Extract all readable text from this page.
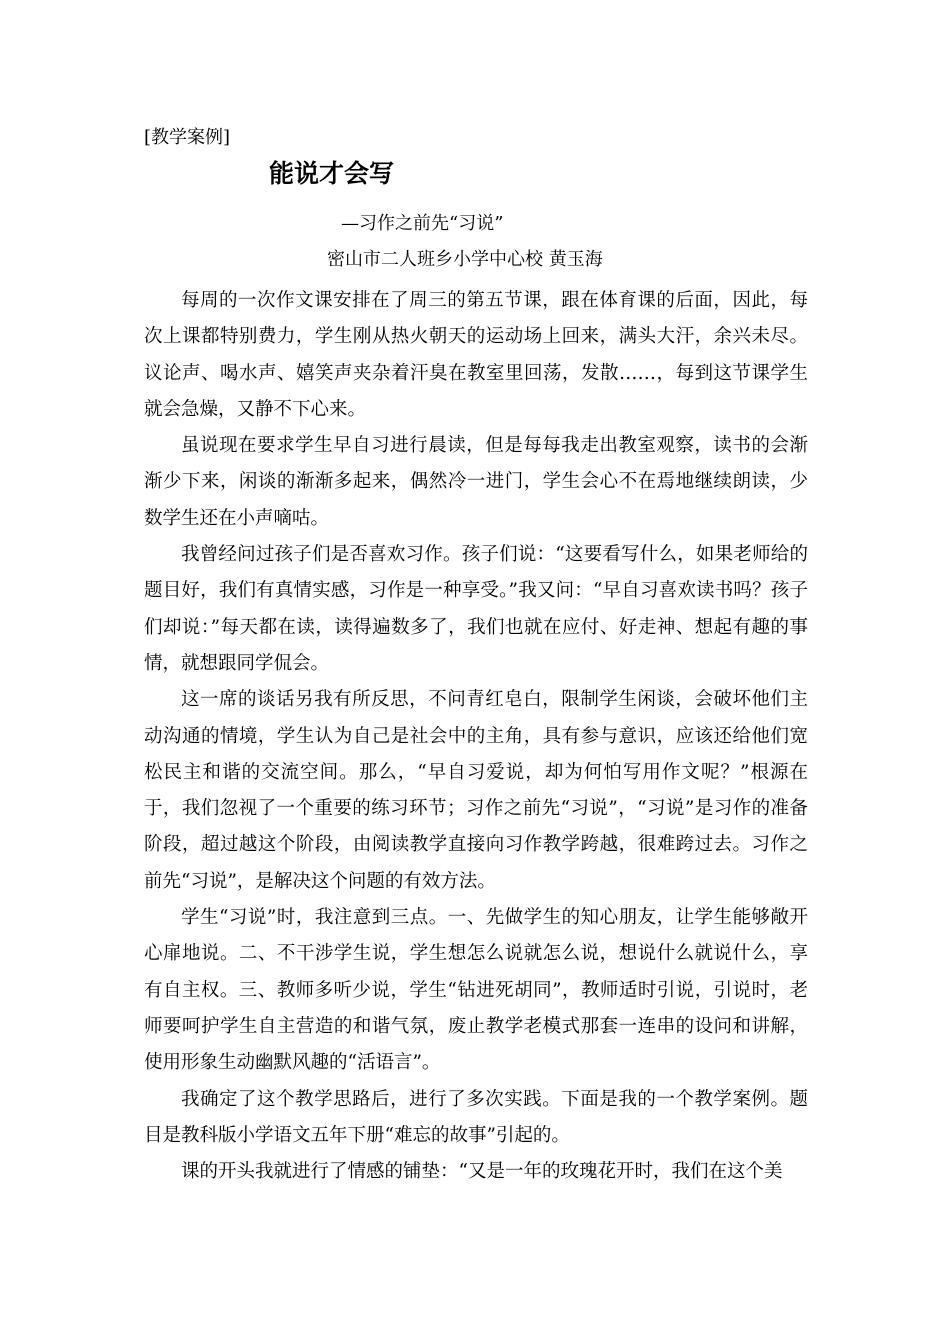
[教学案例]
能说才会写
—习作之前先“习说”
密山市二人班乡小学中心校 黄玉海

每周的一次作文课安排在了周三的第五节课，跟在体育课的后面，因此，每次上课都特别费力，学生刚从热火朝天的运动场上回来，满头大汗，余兴未尽。议论声、喝水声、嬉笑声夹杂着汗臭在教室里回荡，发散……，每到这节课学生就会急燥，又静不下心来。

虽说现在要求学生早自习进行晨读，但是每每我走出教室观察，读书的会渐渐少下来，闲谈的渐渐多起来，偶然冷一进门，学生会心不在焉地继续朗读，少数学生还在小声嘀咕。

我曾经问过孩子们是否喜欢习作。孩子们说：“这要看写什么，如果老师给的题目好，我们有真情实感，习作是一种享受。”我又问：“早自习喜欢读书吗？孩子们却说：”每天都在读，读得遍数多了，我们也就在应付、好走神、想起有趣的事情，就想跟同学侃会。

这一席的谈话另我有所反思，不问青红皂白，限制学生闲谈，会破坏他们主动沟通的情境，学生认为自己是社会中的主角，具有参与意识，应该还给他们宽松民主和谐的交流空间。那么，“早自习爱说，却为何怕写用作文呢？”根源在于，我们忽视了一个重要的练习环节；习作之前先“习说”，“习说”是习作的准备阶段，超过越这个阶段，由阅读教学直接向习作教学跨越，很难跨过去。习作之前先“习说”，是解决这个问题的有效方法。

学生“习说”时，我注意到三点。一、先做学生的知心朋友，让学生能够敞开心扉地说。二、不干涉学生说，学生想怎么说就怎么说，想说什么就说什么，享有自主权。三、教师多听少说，学生“钻进死胡同”，教师适时引说，引说时，老师要呵护学生自主营造的和谐气氛，废止教学老模式那套一连串的设问和讲解，使用形象生动幽默风趣的“活语言”。

我确定了这个教学思路后，进行了多次实践。下面是我的一个教学案例。题目是教科版小学语文五年下册“难忘的故事”引起的。

课的开头我就进行了情感的铺垫：“又是一年的玫瑰花开时，我们在这个美
